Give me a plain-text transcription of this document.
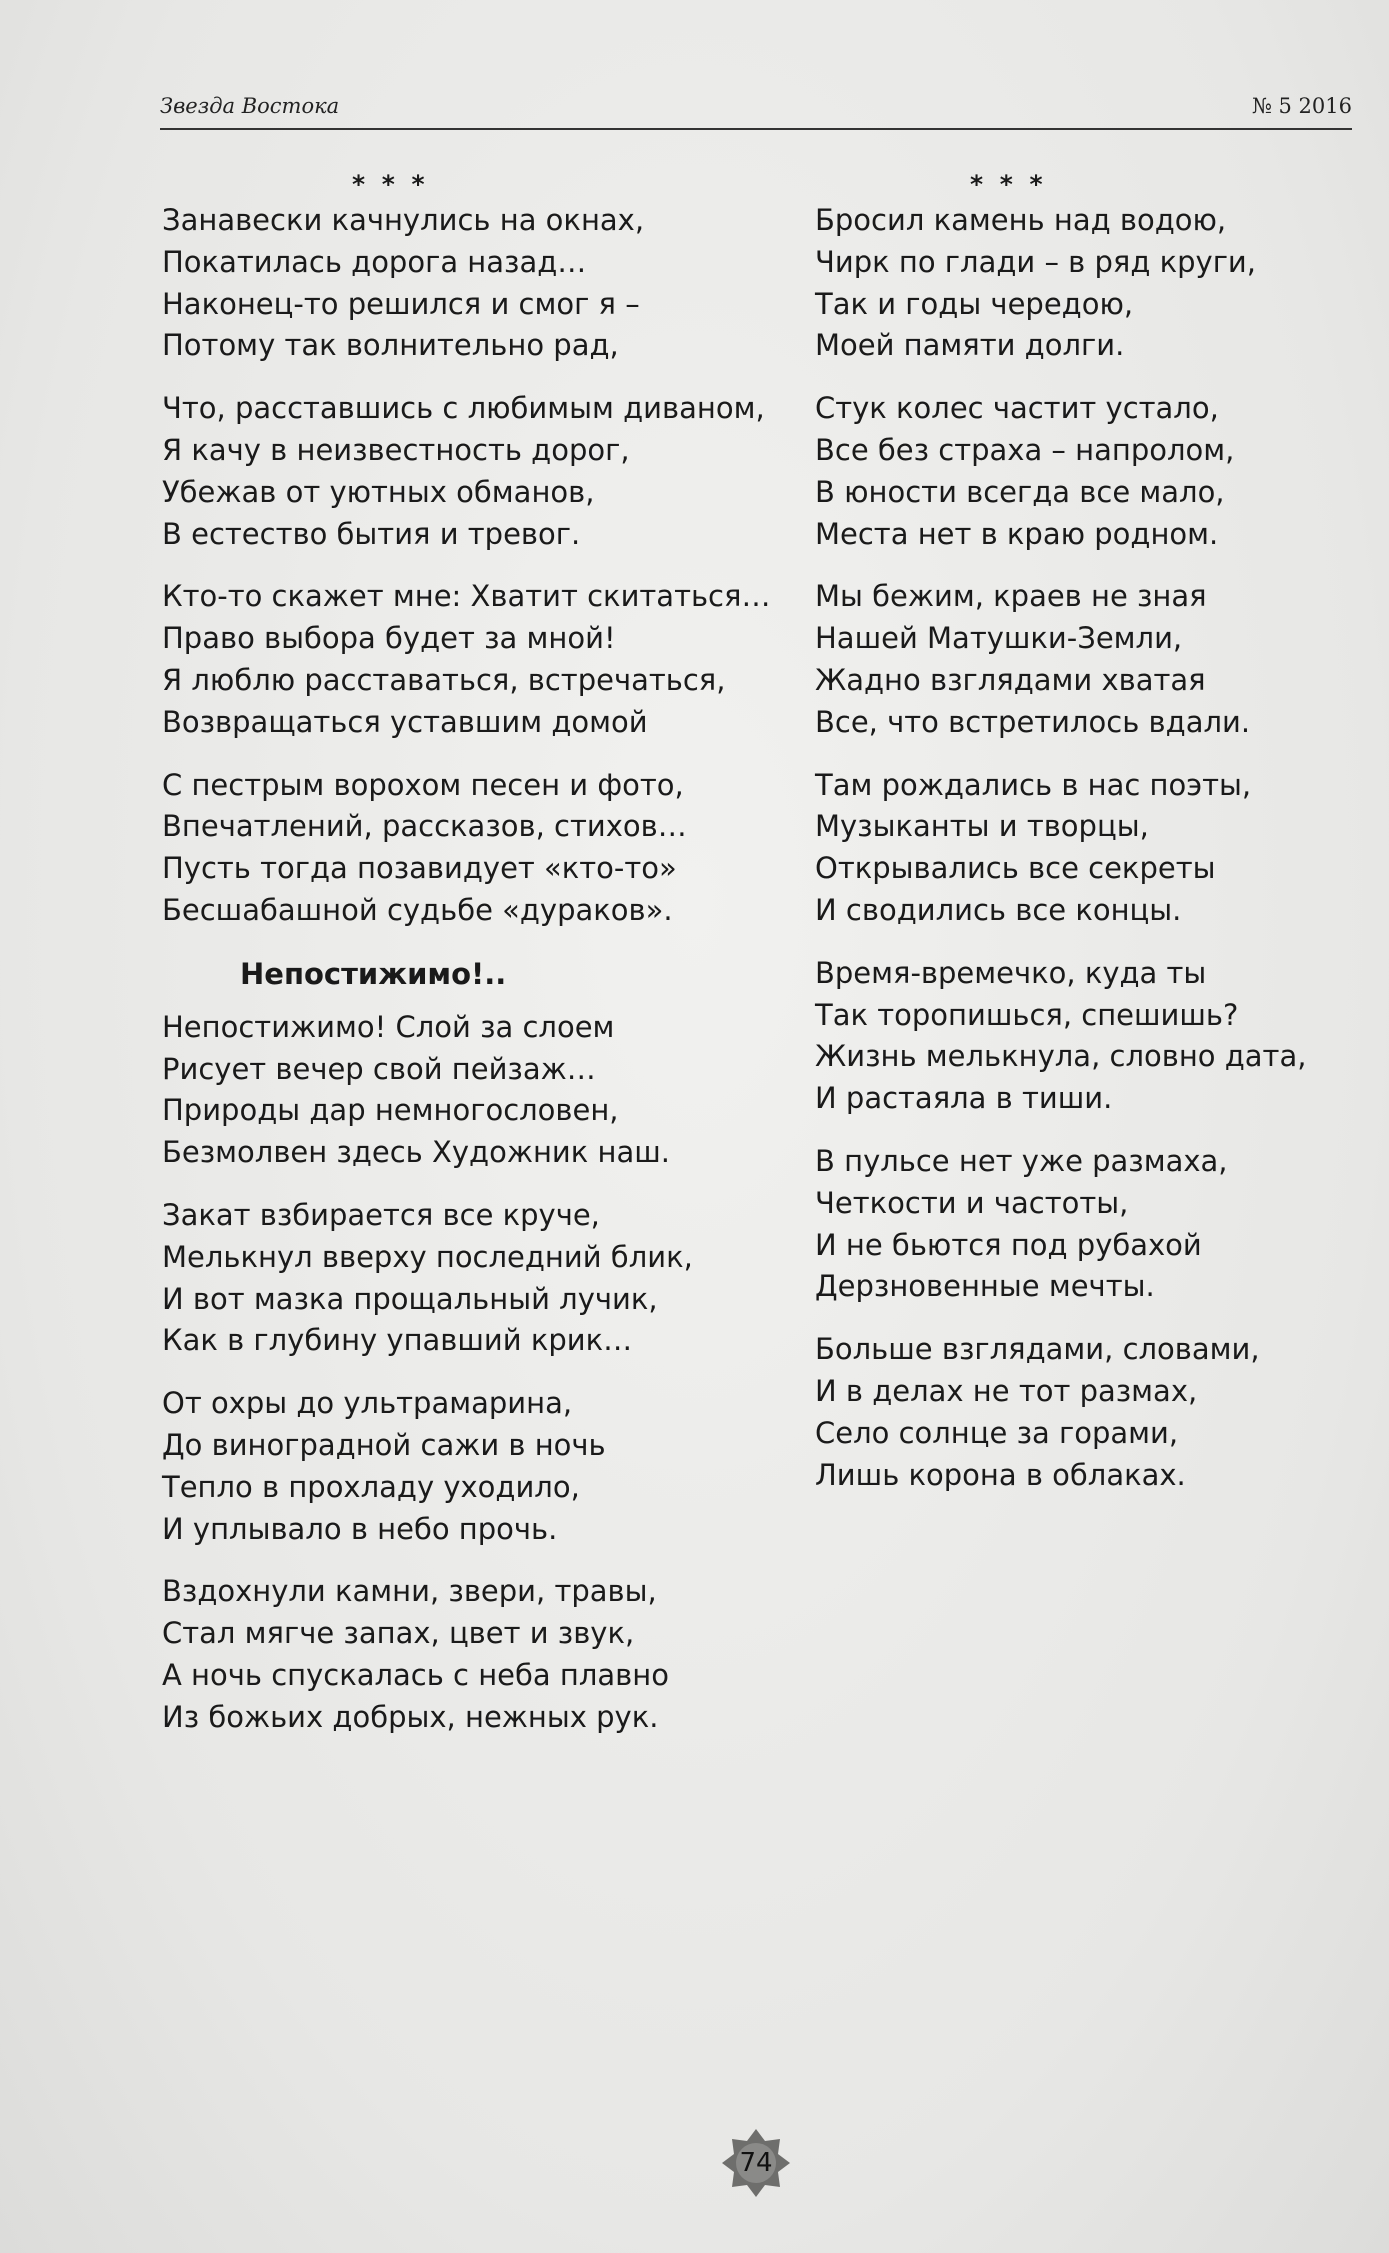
Звезда Востока	№ 5 2016
* * *
Занавески качнулись на окнах,
Покатилась дорога назад…
Наконец-то решился и смог я –
Потому так волнительно рад,
Что, расставшись с любимым диваном,
Я качу в неизвестность дорог,
Убежав от уютных обманов,
В естество бытия и тревог.
Кто-то скажет мне: Хватит скитаться…
Право выбора будет за мной!
Я люблю расставаться, встречаться,
Возвращаться уставшим домой
С пестрым ворохом песен и фото,
Впечатлений, рассказов, стихов…
Пусть тогда позавидует «кто-то»
Бесшабашной судьбе «дураков».
Непостижимо!..
Непостижимо! Слой за слоем
Рисует вечер свой пейзаж…
Природы дар немногословен,
Безмолвен здесь Художник наш.
Закат взбирается все круче,
Мелькнул вверху последний блик,
И вот мазка прощальный лучик,
Как в глубину упавший крик…
От охры до ультрамарина,
До виноградной сажи в ночь
Тепло в прохладу уходило,
И уплывало в небо прочь.
Вздохнули камни, звери, травы,
Стал мягче запах, цвет и звук,
А ночь спускалась с неба плавно
Из божьих добрых, нежных рук.
* * *
Бросил камень над водою,
Чирк по глади – в ряд круги,
Так и годы чередою,
Моей памяти долги.
Стук колес частит устало,
Все без страха – напролом,
В юности всегда все мало,
Места нет в краю родном.
Мы бежим, краев не зная
Нашей Матушки-Земли,
Жадно взглядами хватая
Все, что встретилось вдали.
Там рождались в нас поэты,
Музыканты и творцы,
Открывались все секреты
И сводились все концы.
Время-времечко, куда ты
Так торопишься, спешишь?
Жизнь мелькнула, словно дата,
И растаяла в тиши.
В пульсе нет уже размаха,
Четкости и частоты,
И не бьются под рубахой
Дерзновенные мечты.
Больше взглядами, словами,
И в делах не тот размах,
Село солнце за горами,
Лишь корона в облаках.
74
